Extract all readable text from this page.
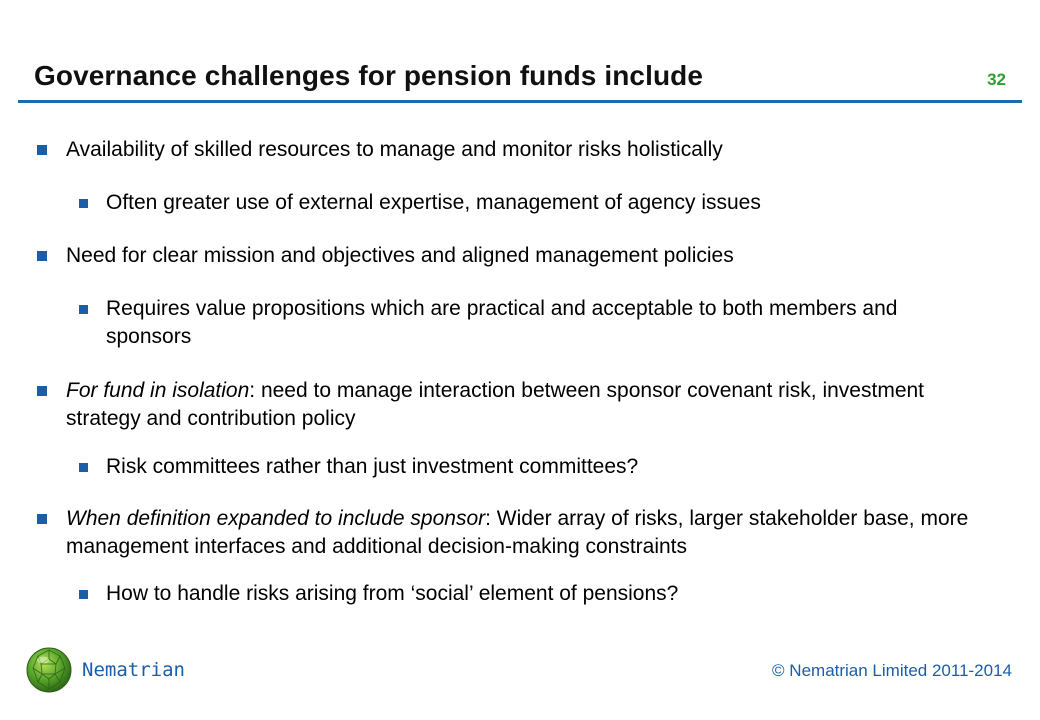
Governance challenges for pension funds include	32
Availability of skilled resources to manage and monitor risks holistically
Often greater use of external expertise, management of agency issues
Need for clear mission and objectives and aligned management policies
Requires value propositions which are practical and acceptable to both members and sponsors
For fund in isolation: need to manage interaction between sponsor covenant risk, investment strategy and contribution policy
Risk committees rather than just investment committees?
When definition expanded to include sponsor: Wider array of risks, larger stakeholder base, more management interfaces and additional decision-making constraints
How to handle risks arising from ‘social’ element of pensions?
Nematrian	© Nematrian Limited 2011-2014
